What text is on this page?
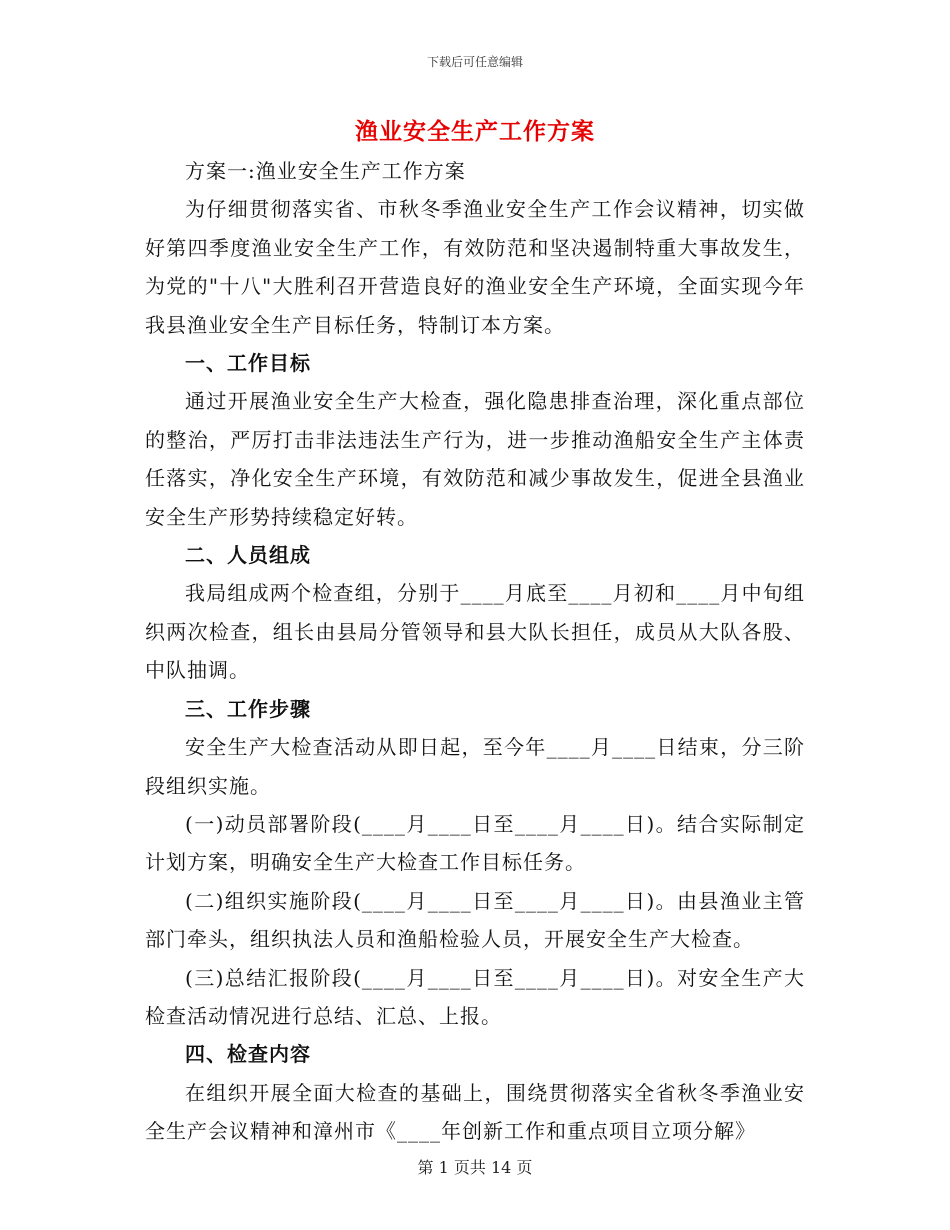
下载后可任意编辑
渔业安全生产工作方案

方案一:渔业安全生产工作方案

为仔细贯彻落实省、市秋冬季渔业安全生产工作会议精神，切实做好第四季度渔业安全生产工作，有效防范和坚决遏制特重大事故发生，为党的"十八"大胜利召开营造良好的渔业安全生产环境，全面实现今年我县渔业安全生产目标任务，特制订本方案。

一、工作目标

通过开展渔业安全生产大检查，强化隐患排查治理，深化重点部位的整治，严厉打击非法违法生产行为，进一步推动渔船安全生产主体责任落实，净化安全生产环境，有效防范和减少事故发生，促进全县渔业安全生产形势持续稳定好转。

二、人员组成

我局组成两个检查组，分别于____月底至____月初和____月中旬组织两次检查，组长由县局分管领导和县大队长担任，成员从大队各股、中队抽调。

三、工作步骤

安全生产大检查活动从即日起，至今年____月____日结束，分三阶段组织实施。

(一)动员部署阶段(____月____日至____月____日)。结合实际制定计划方案，明确安全生产大检查工作目标任务。

(二)组织实施阶段(____月____日至____月____日)。由县渔业主管部门牵头，组织执法人员和渔船检验人员，开展安全生产大检查。

(三)总结汇报阶段(____月____日至____月____日)。对安全生产大检查活动情况进行总结、汇总、上报。

四、检查内容

在组织开展全面大检查的基础上，围绕贯彻落实全省秋冬季渔业安全生产会议精神和漳州市《____年创新工作和重点项目立项分解》

第 1 页共 14 页
